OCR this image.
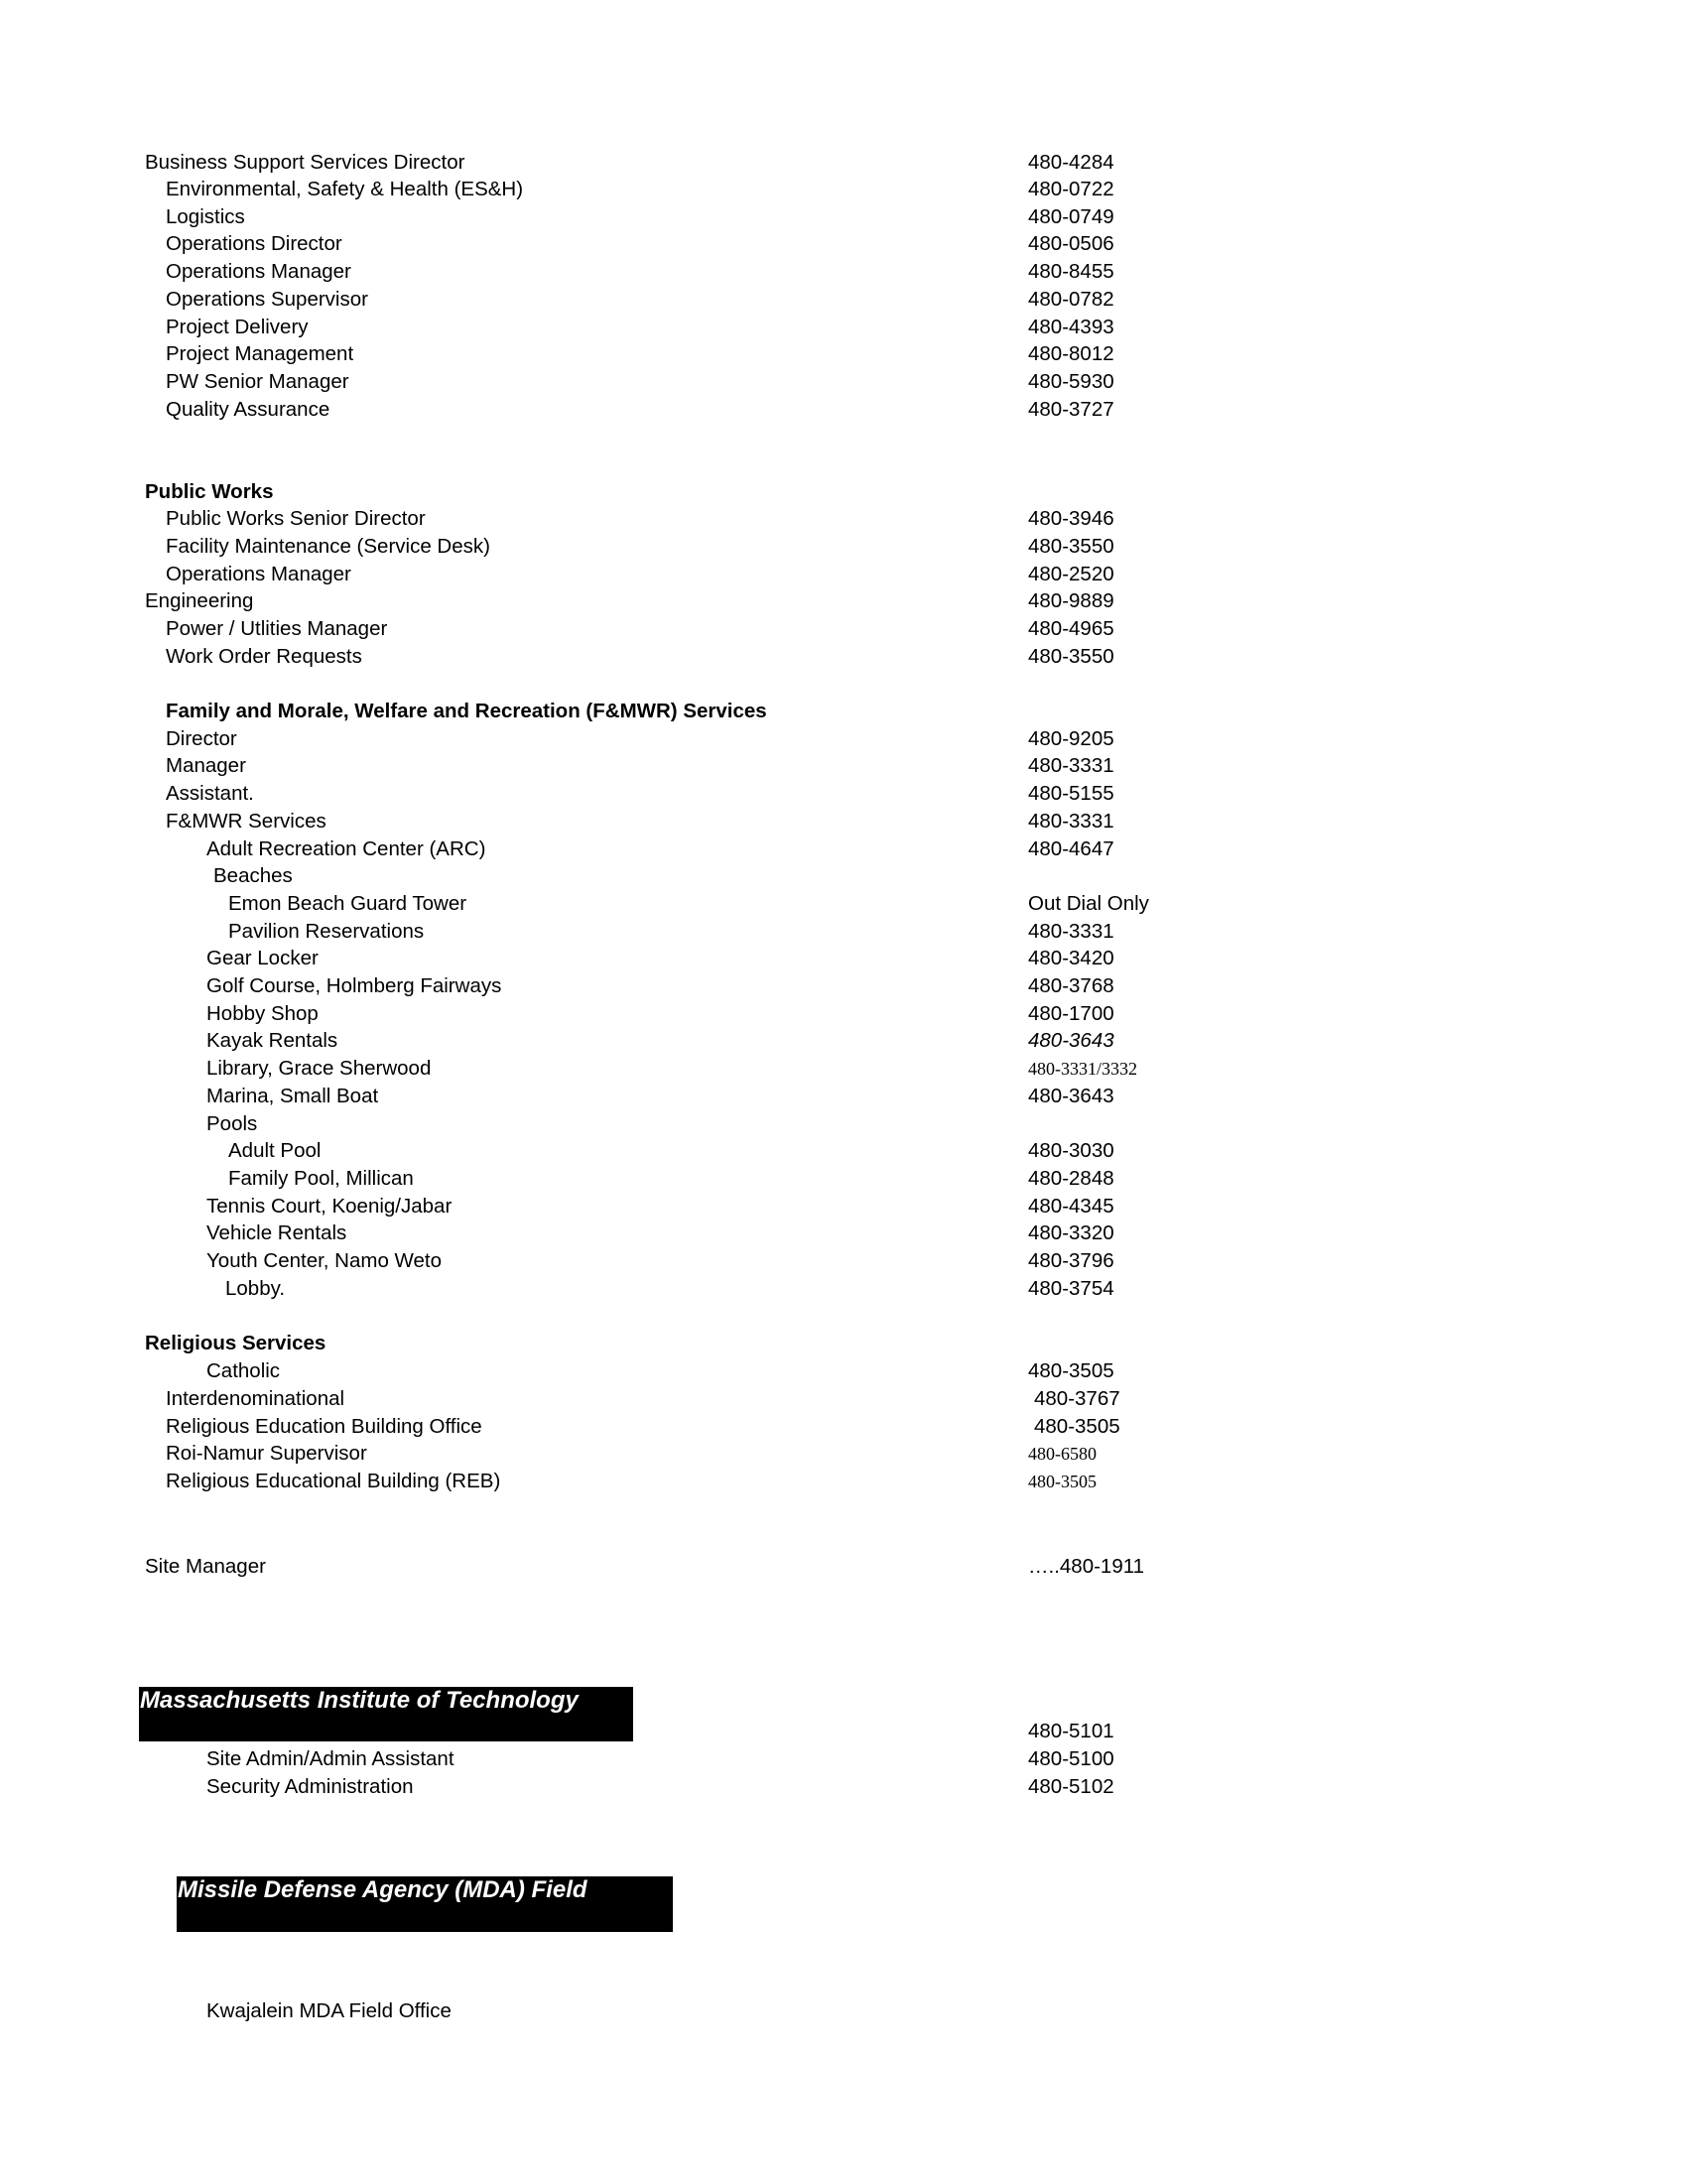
Business Support Services Director	480-4284
Environmental, Safety & Health (ES&H)	480-0722
Logistics	480-0749
Operations Director	480-0506
Operations Manager	480-8455
Operations Supervisor	480-0782
Project Delivery	480-4393
Project Management	480-8012
PW Senior Manager	480-5930
Quality Assurance	480-3727
Public Works
Public Works Senior Director	480-3946
Facility Maintenance (Service Desk)	480-3550
Operations Manager	480-2520
Engineering	480-9889
Power / Utlities Manager	480-4965
Work Order Requests	480-3550
Family and Morale, Welfare and Recreation (F&MWR) Services
Director	480-9205
Manager	480-3331
Assistant.	480-5155
F&MWR Services	480-3331
Adult Recreation Center (ARC)	480-4647
Beaches
Emon Beach Guard Tower	Out Dial Only
Pavilion Reservations	480-3331
Gear Locker	480-3420
Golf Course, Holmberg Fairways	480-3768
Hobby Shop	480-1700
Kayak Rentals	480-3643
Library, Grace Sherwood	480-3331/3332
Marina, Small Boat	480-3643
Pools
Adult Pool	480-3030
Family Pool, Millican	480-2848
Tennis Court, Koenig/Jabar	480-4345
Vehicle Rentals	480-3320
Youth Center, Namo Weto	480-3796
Lobby.	480-3754
Religious Services
Catholic	480-3505
Interdenominational	480-3767
Religious Education Building Office	480-3505
Roi-Namur Supervisor	480-6580
Religious Educational Building (REB)	480-3505
Site Manager	…..480-1911
Massachusetts Institute of Technology
480-5101
Site Admin/Admin Assistant	480-5100
Security Administration	480-5102
Missile Defense Agency (MDA) Field
Kwajalein MDA Field Office
